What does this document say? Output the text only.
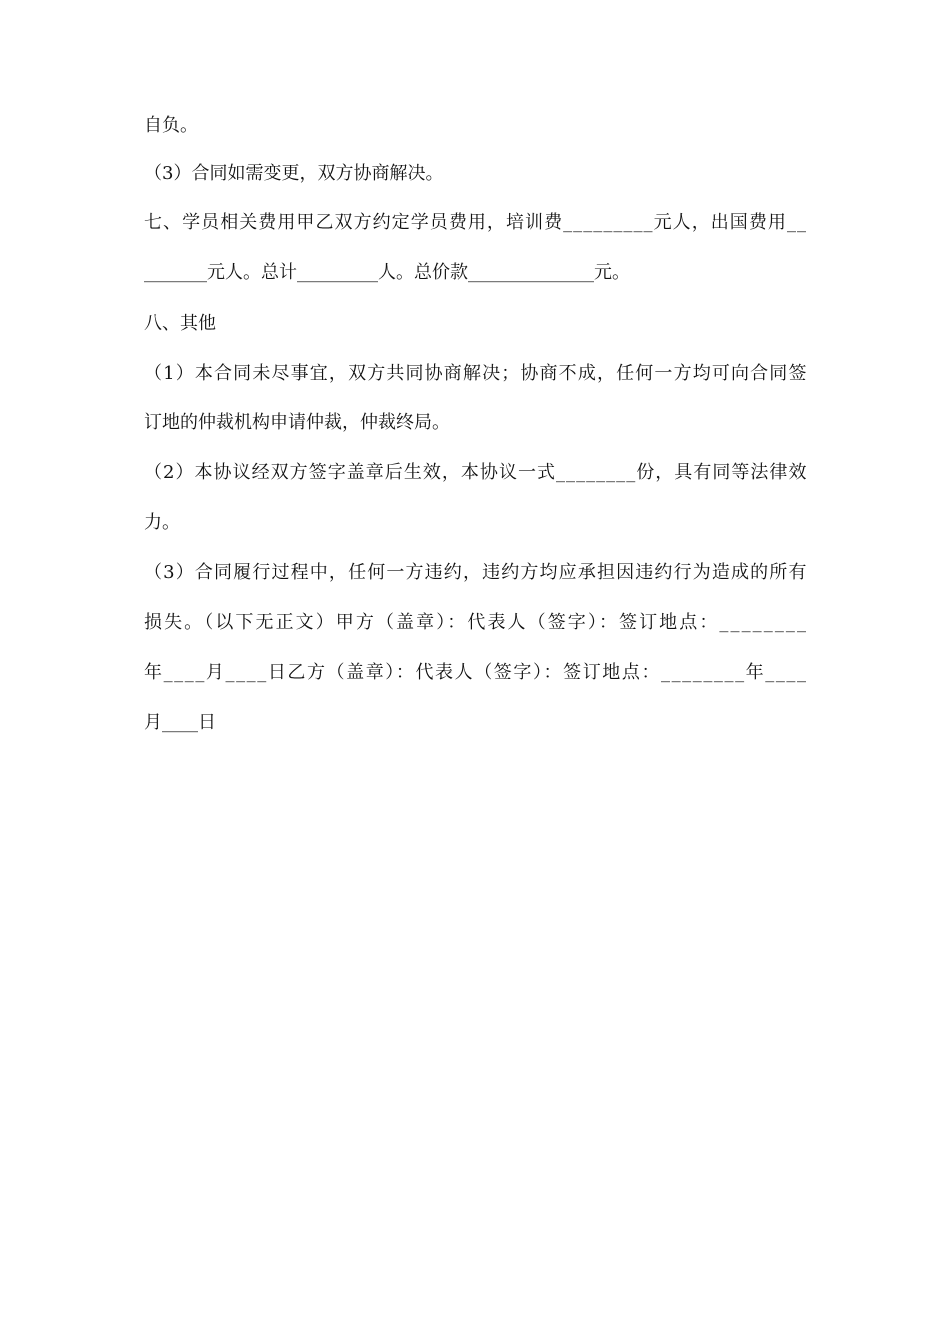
自负。
（3）合同如需变更，双方协商解决。
七、学员相关费用甲乙双方约定学员费用，培训费_________元人，出国费用__
_______元人。总计_________人。总价款______________元。
八、其他
（1）本合同未尽事宜，双方共同协商解决；协商不成，任何一方均可向合同签
订地的仲裁机构申请仲裁，仲裁终局。
（2）本协议经双方签字盖章后生效，本协议一式________份，具有同等法律效
力。
（3）合同履行过程中，任何一方违约，违约方均应承担因违约行为造成的所有
损失。（以下无正文）甲方（盖章）：代表人（签字）：签订地点：________
年____月____日乙方（盖章）：代表人（签字）：签订地点：________年____
月____日
